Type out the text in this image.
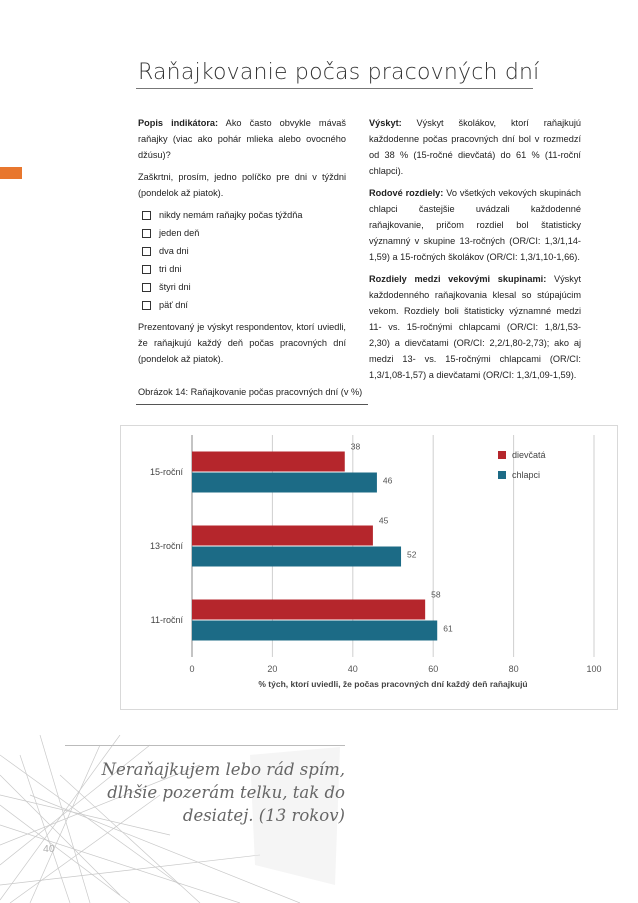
Raňajkovanie počas pracovných dní

Popis indikátora: Ako často obvykle mávaš raňajky (viac ako pohár mlieka alebo ovocného džúsu)?

Zaškrtni, prosím, jedno políčko pre dni v týždni (pondelok až piatok).

nikdy nemám raňajky počas týždňa
jeden deň
dva dni
tri dni
štyri dni
päť dní

Prezentovaný je výskyt respondentov, ktorí uviedli, že raňajkujú každý deň počas pracovných dní (pondelok až piatok).

Výskyt: Výskyt školákov, ktorí raňajkujú každodenne počas pracovných dní bol v rozmedzí od 38 % (15-ročné dievčatá) do 61 % (11-roční chlapci).

Rodové rozdiely: Vo všetkých vekových skupinách chlapci častejšie uvádzali každodenné raňajkovanie, pričom rozdiel bol štatisticky významný v skupine 13-ročných (OR/CI: 1,3/1,14-1,59) a 15-ročných školákov (OR/CI: 1,3/1,10-1,66).

Rozdiely medzi vekovými skupinami: Výskyt každodenného raňajkovania klesal so stúpajúcim vekom. Rozdiely boli štatisticky významné medzi 11- vs. 15-ročnými chlapcami (OR/CI: 1,8/1,53-2,30) a dievčatami (OR/CI: 2,2/1,80-2,73); ako aj medzi 13- vs. 15-ročnými chlapcami (OR/CI: 1,3/1,08-1,57) a dievčatami (OR/CI: 1,3/1,09-1,59).

Obrázok 14: Raňajkovanie počas pracovných dní (v %)
0	20	40	60	80	100
15-roční
38
46
13-roční
45
52
11-roční
58
61
% tých, ktorí uviedli, že počas pracovných dní každý deň raňajkujú
dievčatá
chlapci
Neraňajkujem lebo rád spím,
dlhšie pozerám telku, tak do
desiatej. (13 rokov)
40
